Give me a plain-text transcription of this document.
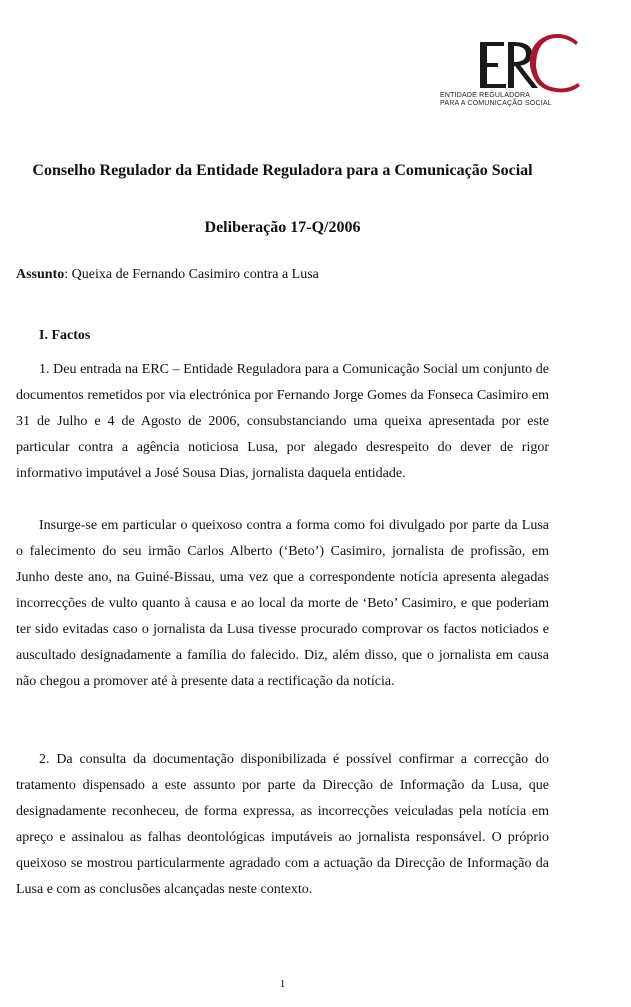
ENTIDADE REGULADORA
PARA A COMUNICAÇÃO SOCIAL
Conselho Regulador da Entidade Reguladora para a Comunicação Social
Deliberação 17-Q/2006
Assunto: Queixa de Fernando Casimiro contra a Lusa
I. Factos

1. Deu entrada na ERC – Entidade Reguladora para a Comunicação Social um conjunto de documentos remetidos por via electrónica por Fernando Jorge Gomes da Fonseca Casimiro em 31 de Julho e 4 de Agosto de 2006, consubstanciando uma queixa apresentada por este particular contra a agência noticiosa Lusa, por alegado desrespeito do dever de rigor informativo imputável a José Sousa Dias, jornalista daquela entidade.

Insurge-se em particular o queixoso contra a forma como foi divulgado por parte da Lusa o falecimento do seu irmão Carlos Alberto (‘Beto’) Casimiro, jornalista de profissão, em Junho deste ano, na Guiné-Bissau, uma vez que a correspondente notícia apresenta alegadas incorrecções de vulto quanto à causa e ao local da morte de ‘Beto’ Casimiro, e que poderiam ter sido evitadas caso o jornalista da Lusa tivesse procurado comprovar os factos noticiados e auscultado designadamente a família do falecido. Diz, além disso, que o jornalista em causa não chegou a promover até à presente data a rectificação da notícia.

2. Da consulta da documentação disponibilizada é possível confirmar a correcção do tratamento dispensado a este assunto por parte da Direcção de Informação da Lusa, que designadamente reconheceu, de forma expressa, as incorrecções veiculadas pela notícia em apreço e assinalou as falhas deontológicas imputáveis ao jornalista responsável. O próprio queixoso se mostrou particularmente agradado com a actuação da Direcção de Informação da Lusa e com as conclusões alcançadas neste contexto.

1
